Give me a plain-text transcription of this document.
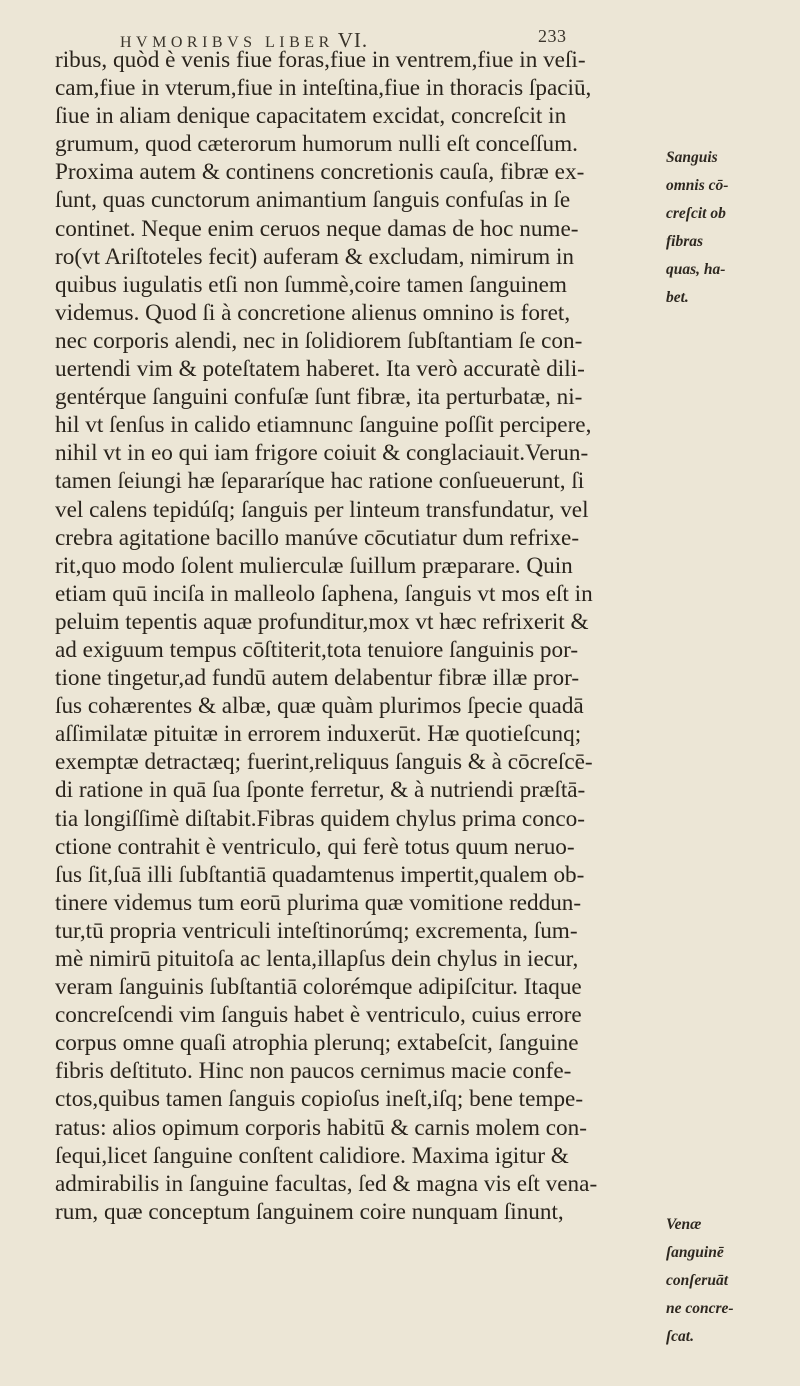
HVMORIBVS LIBER VI.	233
ribus, quòd è venis fiue foras,fiue in ventrem,fiue in veſi-
cam,fiue in vterum,fiue in inteſtina,fiue in thoracis ſpaciū,
ſiue in aliam denique capacitatem excidat, concreſcit in
grumum, quod cæterorum humorum nulli eſt conceſſum.
Proxima autem & continens concretionis cauſa, fibræ ex-
ſunt, quas cunctorum animantium ſanguis confuſas in ſe
continet. Neque enim ceruos neque damas de hoc nume-
ro(vt Ariſtoteles fecit) auferam & excludam, nimirum in
quibus iugulatis etſi non ſummè,coire tamen ſanguinem
videmus. Quod ſi à concretione alienus omnino is foret,
nec corporis alendi, nec in ſolidiorem ſubſtantiam ſe con-
uertendi vim & poteſtatem haberet. Ita verò accuratè dili-
gentérque ſanguini confuſæ ſunt fibræ, ita perturbatæ, ni-
hil vt ſenſus in calido etiamnunc ſanguine poſſit percipere,
nihil vt in eo qui iam frigore coiuit & conglaciauit.Verun-
tamen ſeiungi hæ ſepararíque hac ratione conſueuerunt, ſi
vel calens tepidúſq; ſanguis per linteum transfundatur, vel
crebra agitatione bacillo manúve cōcutiatur dum refrixe-
rit,quo modo ſolent mulierculæ ſuillum præparare. Quin
etiam quū inciſa in malleolo ſaphena, ſanguis vt mos eſt in
peluim tepentis aquæ profunditur,mox vt hæc refrixerit &
ad exiguum tempus cōſtiterit,tota tenuiore ſanguinis por-
tione tingetur,ad fundū autem delabentur fibræ illæ pror-
ſus cohærentes & albæ, quæ quàm plurimos ſpecie quadā
aſſimilatæ pituitæ in errorem induxerūt. Hæ quotieſcunq;
exemptæ detractæq; fuerint,reliquus ſanguis & à cōcreſcē-
di ratione in quā ſua ſponte ferretur, & à nutriendi præſtā-
tia longiſſimè diſtabit.Fibras quidem chylus prima conco-
ctione contrahit è ventriculo, qui ferè totus quum neruo-
ſus ſit,ſuā illi ſubſtantiā quadamtenus impertit,qualem ob-
tinere videmus tum eorū plurima quæ vomitione reddun-
tur,tū propria ventriculi inteſtinorúmq; excrementa, ſum-
mè nimirū pituitoſa ac lenta,illapſus dein chylus in iecur,
veram ſanguinis ſubſtantiā colorémque adipiſcitur. Itaque
concreſcendi vim ſanguis habet è ventriculo, cuius errore
corpus omne quaſi atrophia plerunq; extabeſcit, ſanguine
fibris deſtituto. Hinc non paucos cernimus macie confe-
ctos,quibus tamen ſanguis copioſus ineſt,iſq; bene tempe-
ratus: alios opimum corporis habitū & carnis molem con-
ſequi,licet ſanguine conſtent calidiore. Maxima igitur &
admirabilis in ſanguine facultas, ſed & magna vis eſt vena-
rum, quæ conceptum ſanguinem coire nunquam ſinunt,
Sanguis
omnis cō-
creſcit ob
fibras
quas, ha-
bet.
Venæ
ſanguinē
conſeruāt
ne concre-
ſcat.
